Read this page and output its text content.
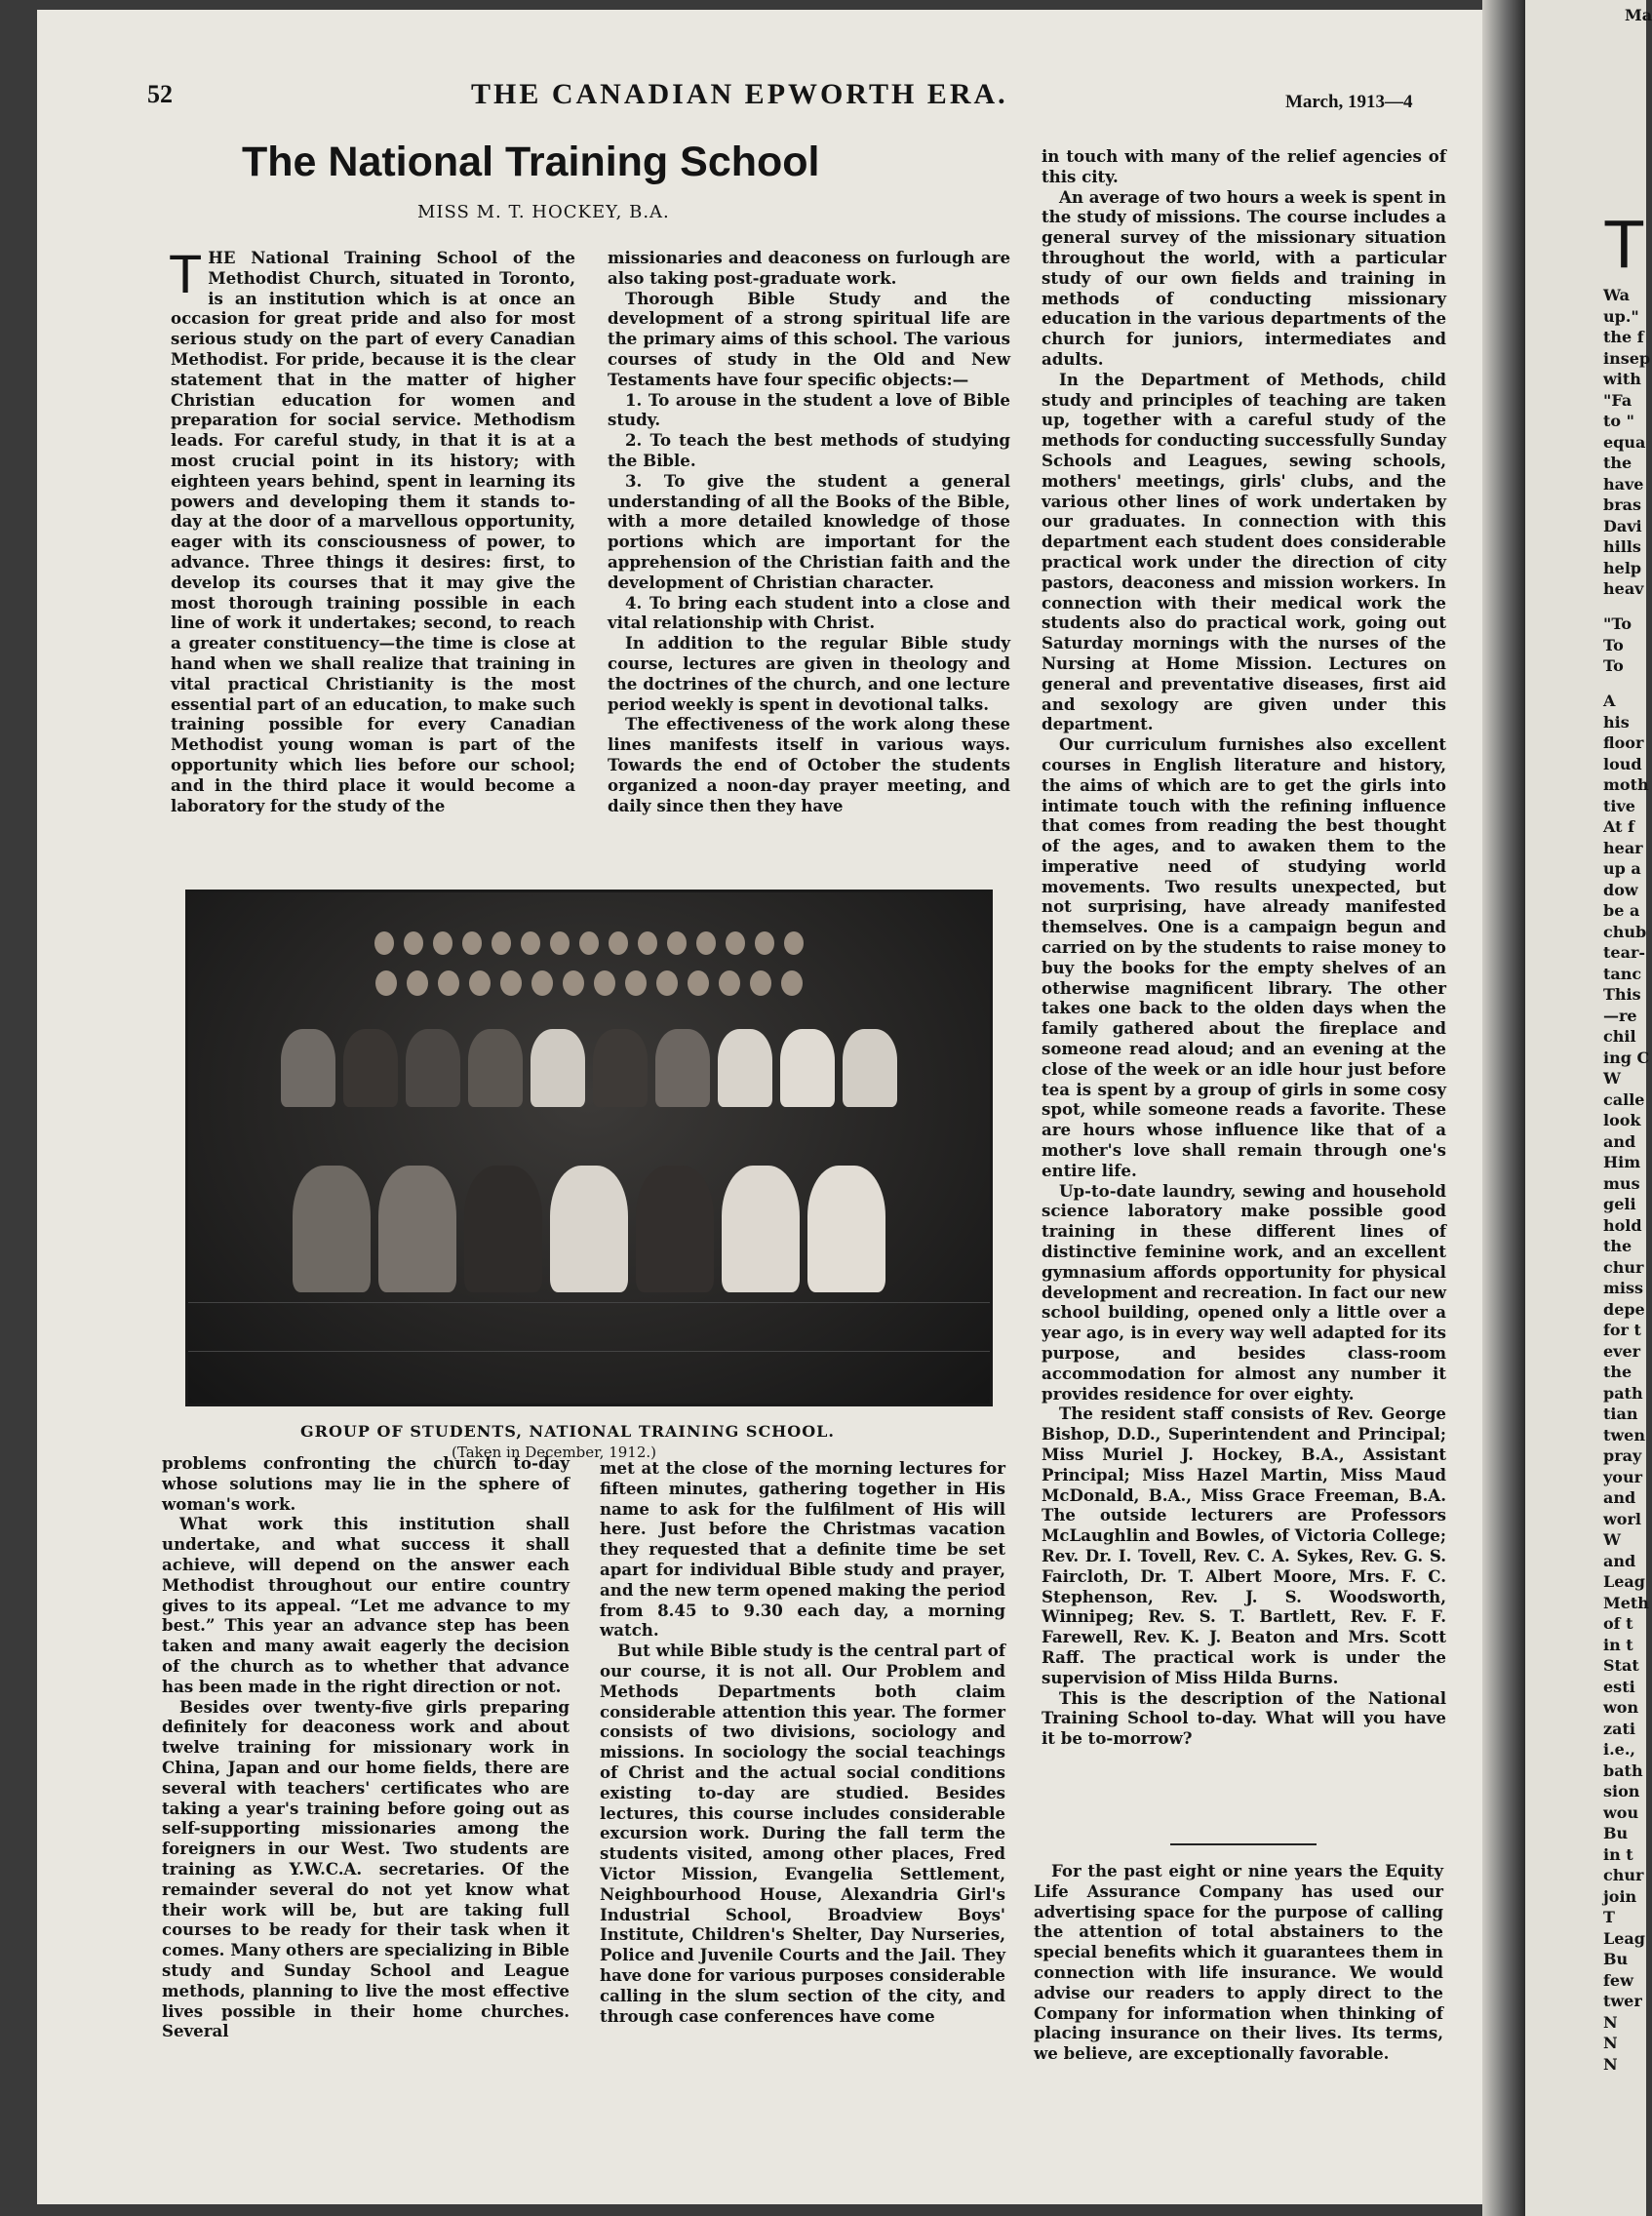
52	THE CANADIAN EPWORTH ERA.	March, 1913—4
The National Training School
MISS M. T. HOCKEY, B.A.
T HE National Training School of the Methodist Church, situated in Toronto, is an institution which is at once an occasion for great pride and also for most serious study on the part of every Canadian Methodist. For pride, because it is the clear statement that in the matter of higher Christian education for women and preparation for social service. Methodism leads. For careful study, in that it is at a most crucial point in its history; with eighteen years behind, spent in learning its powers and developing them it stands to-day at the door of a marvellous opportunity, eager with its consciousness of power, to advance. Three things it desires: first, to develop its courses that it may give the most thorough training possible in each line of work it undertakes; second, to reach a greater constituency—the time is close at hand when we shall realize that training in vital practical Christianity is the most essential part of an education, to make such training possible for every Canadian Methodist young woman is part of the opportunity which lies before our school; and in the third place it would become a laboratory for the study of the

missionaries and deaconess on furlough are also taking post-graduate work.

Thorough Bible Study and the development of a strong spiritual life are the primary aims of this school. The various courses of study in the Old and New Testaments have four specific objects:—

1. To arouse in the student a love of Bible study.

2. To teach the best methods of studying the Bible.

3. To give the student a general understanding of all the Books of the Bible, with a more detailed knowledge of those portions which are important for the apprehension of the Christian faith and the development of Christian character.

4. To bring each student into a close and vital relationship with Christ.

In addition to the regular Bible study course, lectures are given in theology and the doctrines of the church, and one lecture period weekly is spent in devotional talks.

The effectiveness of the work along these lines manifests itself in various ways. Towards the end of October the students organized a noon-day prayer meeting, and daily since then they have

in touch with many of the relief agencies of this city.

An average of two hours a week is spent in the study of missions. The course includes a general survey of the missionary situation throughout the world, with a particular study of our own fields and training in methods of conducting missionary education in the various departments of the church for juniors, intermediates and adults.

In the Department of Methods, child study and principles of teaching are taken up, together with a careful study of the methods for conducting successfully Sunday Schools and Leagues, sewing schools, mothers' meetings, girls' clubs, and the various other lines of work undertaken by our graduates. In connection with this department each student does considerable practical work under the direction of city pastors, deaconess and mission workers. In connection with their medical work the students also do practical work, going out Saturday mornings with the nurses of the Nursing at Home Mission. Lectures on general and preventative diseases, first aid and sexology are given under this department.

Our curriculum furnishes also excellent courses in English literature and history, the aims of which are to get the girls into intimate touch with the refining influence that comes from reading the best thought of the ages, and to awaken them to the imperative need of studying world movements. Two results unexpected, but not surprising, have already manifested themselves. One is a campaign begun and carried on by the students to raise money to buy the books for the empty shelves of an otherwise magnificent library. The other takes one back to the olden days when the family gathered about the fireplace and someone read aloud; and an evening at the close of the week or an idle hour just before tea is spent by a group of girls in some cosy spot, while someone reads a favorite. These are hours whose influence like that of a mother's love shall remain through one's entire life.

Up-to-date laundry, sewing and household science laboratory make possible good training in these different lines of distinctive feminine work, and an excellent gymnasium affords opportunity for physical development and recreation. In fact our new school building, opened only a little over a year ago, is in every way well adapted for its purpose, and besides class-room accommodation for almost any number it provides residence for over eighty.

The resident staff consists of Rev. George Bishop, D.D., Superintendent and Principal; Miss Muriel J. Hockey, B.A., Assistant Principal; Miss Hazel Martin, Miss Maud McDonald, B.A., Miss Grace Freeman, B.A. The outside lecturers are Professors McLaughlin and Bowles, of Victoria College; Rev. Dr. I. Tovell, Rev. C. A. Sykes, Rev. G. S. Faircloth, Dr. T. Albert Moore, Mrs. F. C. Stephenson, Rev. J. S. Woodsworth, Winnipeg; Rev. S. T. Bartlett, Rev. F. F. Farewell, Rev. K. J. Beaton and Mrs. Scott Raff. The practical work is under the supervision of Miss Hilda Burns.

This is the description of the National Training School to-day. What will you have it be to-morrow?

GROUP OF STUDENTS, NATIONAL TRAINING SCHOOL.
(Taken in December, 1912.)

problems confronting the church to-day whose solutions may lie in the sphere of woman's work.

What work this institution shall undertake, and what success it shall achieve, will depend on the answer each Methodist throughout our entire country gives to its appeal. “Let me advance to my best.” This year an advance step has been taken and many await eagerly the decision of the church as to whether that advance has been made in the right direction or not.

Besides over twenty-five girls preparing definitely for deaconess work and about twelve training for missionary work in China, Japan and our home fields, there are several with teachers' certificates who are taking a year's training before going out as self-supporting missionaries among the foreigners in our West. Two students are training as Y.W.C.A. secretaries. Of the remainder several do not yet know what their work will be, but are taking full courses to be ready for their task when it comes. Many others are specializing in Bible study and Sunday School and League methods, planning to live the most effective lives possible in their home churches. Several

met at the close of the morning lectures for fifteen minutes, gathering together in His name to ask for the fulfilment of His will here. Just before the Christmas vacation they requested that a definite time be set apart for individual Bible study and prayer, and the new term opened making the period from 8.45 to 9.30 each day, a morning watch.

But while Bible study is the central part of our course, it is not all. Our Problem and Methods Departments both claim considerable attention this year. The former consists of two divisions, sociology and missions. In sociology the social teachings of Christ and the actual social conditions existing to-day are studied. Besides lectures, this course includes considerable excursion work. During the fall term the students visited, among other places, Fred Victor Mission, Evangelia Settlement, Neighbourhood House, Alexandria Girl's Industrial School, Broadview Boys' Institute, Children's Shelter, Day Nurseries, Police and Juvenile Courts and the Jail. They have done for various purposes considerable calling in the slum section of the city, and through case conferences have come

For the past eight or nine years the Equity Life Assurance Company has used our advertising space for the purpose of calling the attention of total abstainers to the special benefits which it guarantees them in connection with life insurance. We would advise our readers to apply direct to the Company for information when thinking of placing insurance on their lives. Its terms, we believe, are exceptionally favorable.

Ma
T
Wa
up."
the f
insep
with
"Fa
to "
equa
the
have
bras
Davi
hills
help
heav
"To
To
To
A
his
floor
loud
moth
tive
At f
hear
up a
dow
be a
chub
tear-
tanc
This
—re
chil
ing C
W
calle
look
and
Him
mus
geli
hold
the
chur
miss
depe
for t
ever
the
path
tian
twen
pray
your
and
worl
W
and
Leag
Meth
of t
in t
Stat
esti
won
zati
i.e.,
bath
sion
wou
Bu
in t
chur
join
T
Leag
Bu
few
twer
N
N
N
